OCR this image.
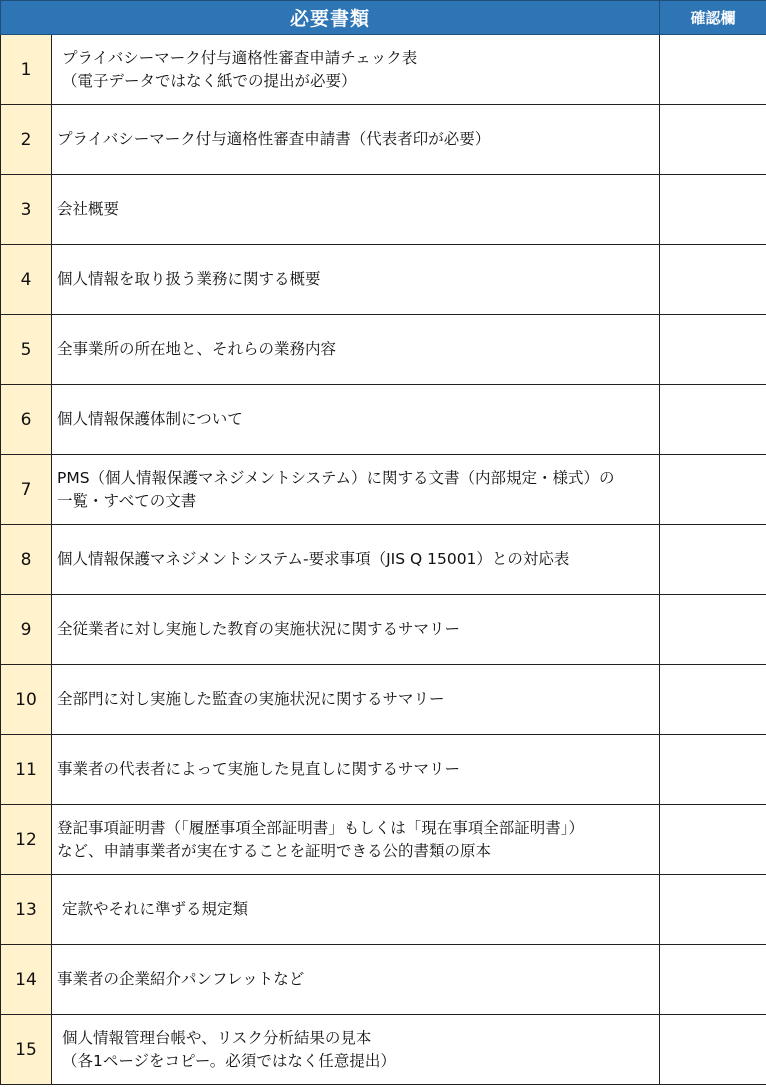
必要書類		確認欄
1	プライバシーマーク付与適格性審査申請チェック表
（電子データではなく紙での提出が必要）	

2	プライバシーマーク付与適格性審査申請書（代表者印が必要）	

3	会社概要	

4	個人情報を取り扱う業務に関する概要	

5	全事業所の所在地と、それらの業務内容	

6	個人情報保護体制について	

7	PMS（個人情報保護マネジメントシステム）に関する文書（内部規定・様式）の
一覧・すべての文書	

8	個人情報保護マネジメントシステム-要求事項（JIS Q 15001）との対応表	

9	全従業者に対し実施した教育の実施状況に関するサマリー	

10	全部門に対し実施した監査の実施状況に関するサマリー	

11	事業者の代表者によって実施した見直しに関するサマリー	

12	登記事項証明書（「履歴事項全部証明書」もしくは「現在事項全部証明書」）
など、申請事業者が実在することを証明できる公的書類の原本	

13	定款やそれに準ずる規定類	

14	事業者の企業紹介パンフレットなど	

15	個人情報管理台帳や、リスク分析結果の見本
（各1ページをコピー。必須ではなく任意提出）	
